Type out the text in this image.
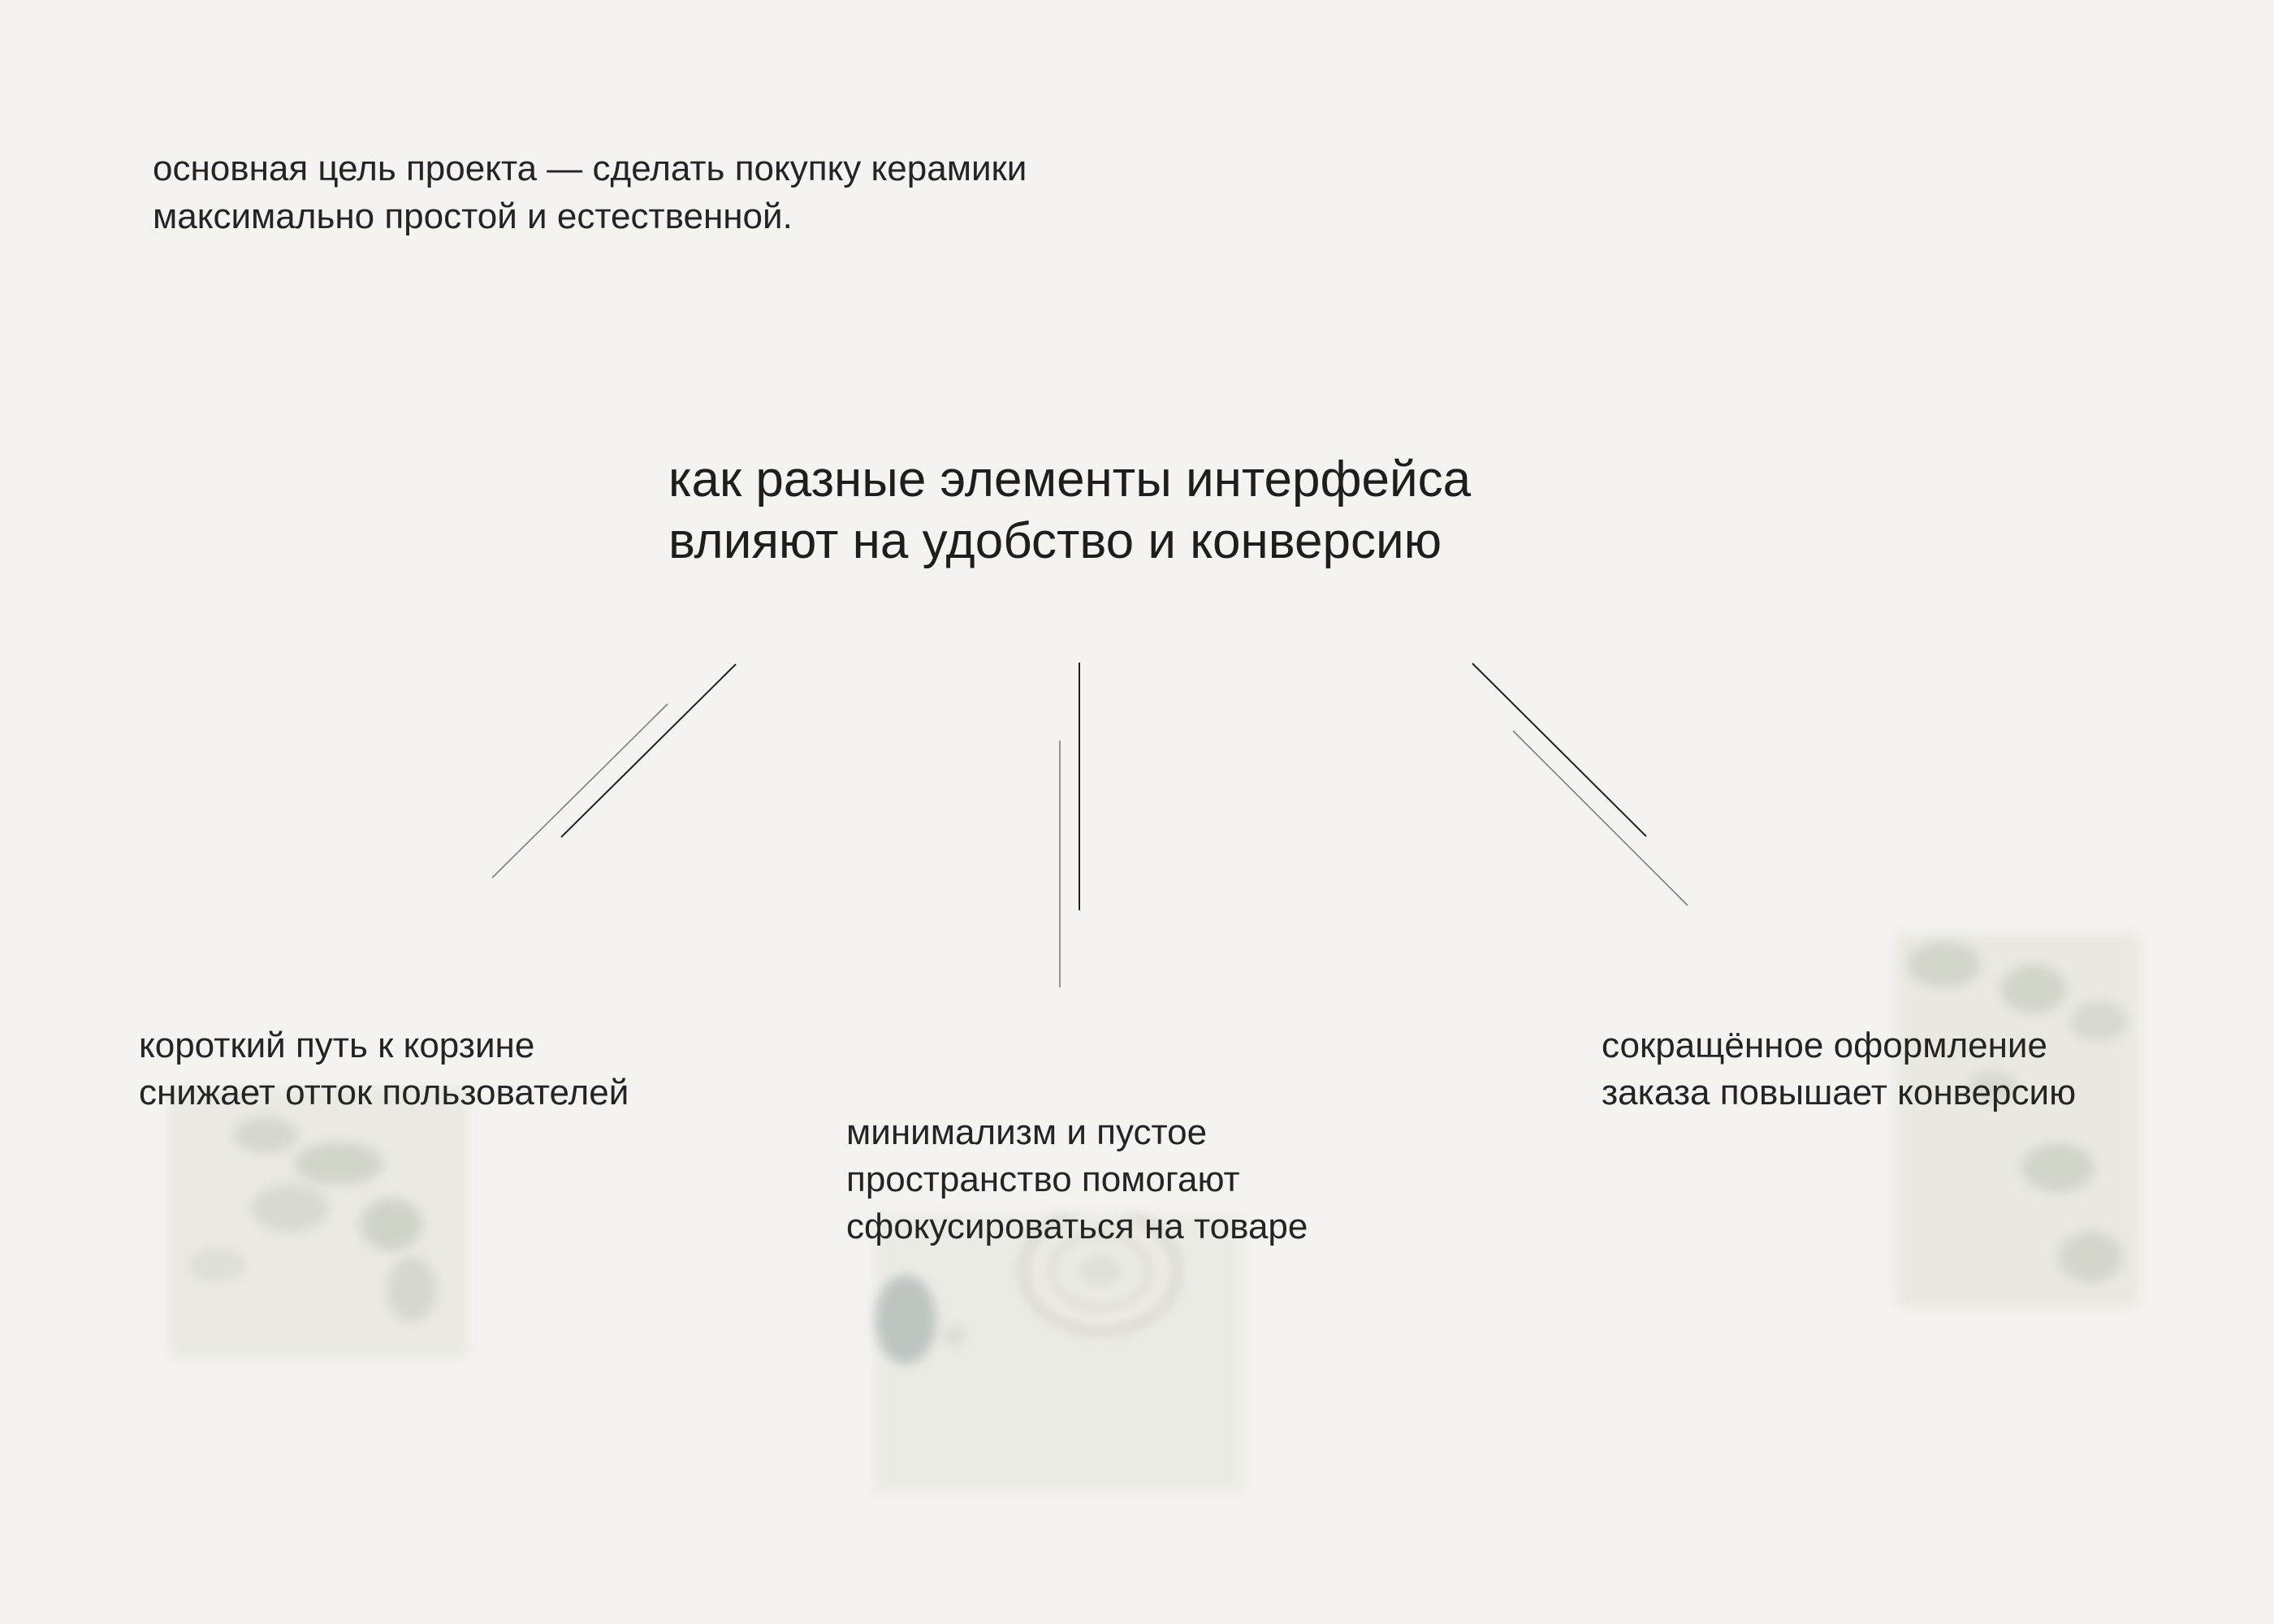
основная цель проекта — сделать покупку керамики
максимально простой и естественной.

как разные элементы интерфейса
влияют на удобство и конверсию

короткий путь к корзине
снижает отток пользователей

минимализм и пустое
пространство помогают
сфокусироваться на товаре

сокращённое оформление
заказа повышает конверсию
